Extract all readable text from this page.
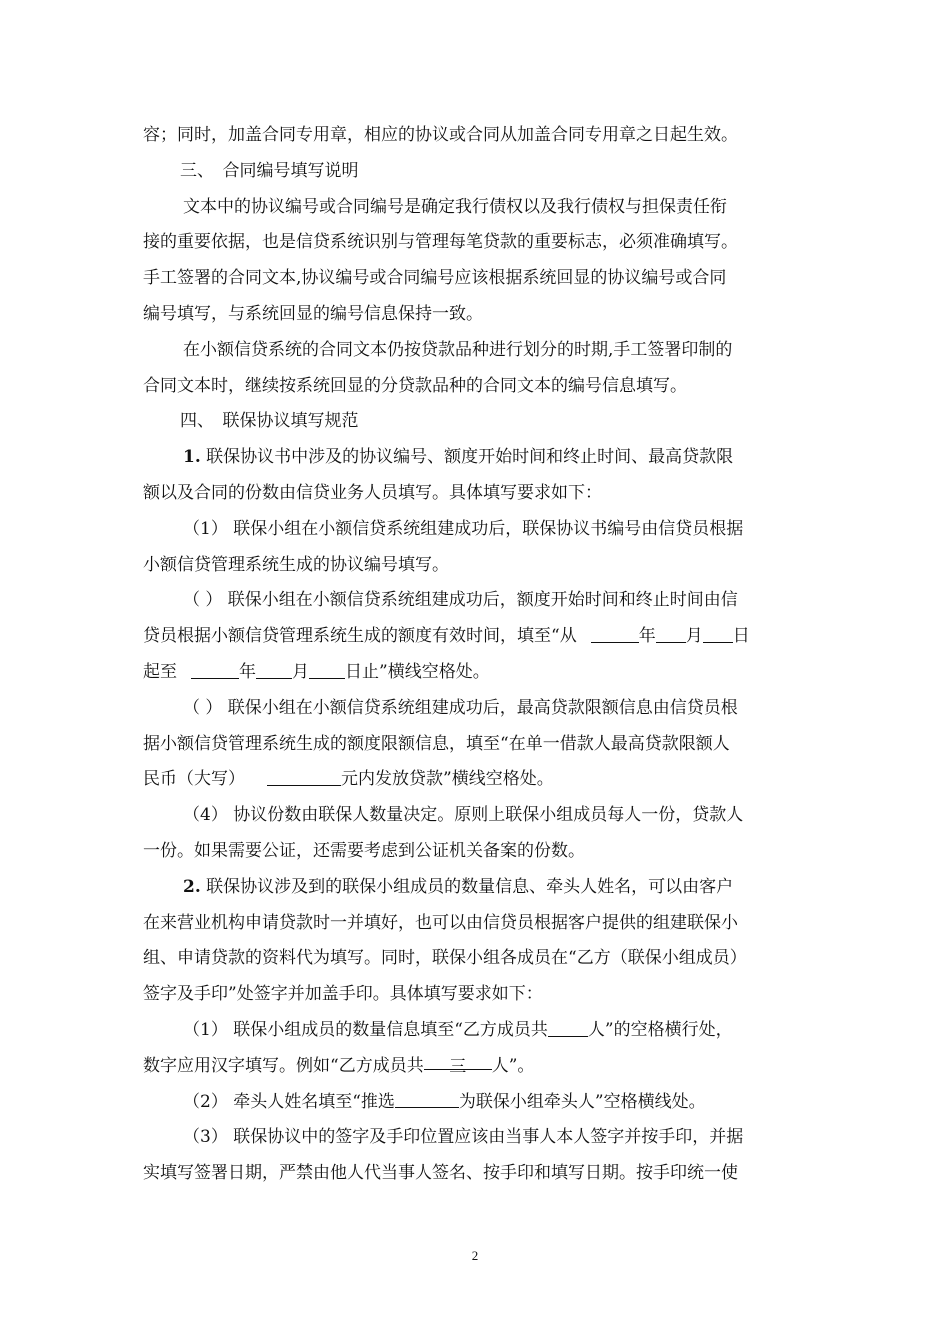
容；同时，加盖合同专用章，相应的协议或合同从加盖合同专用章之日起生效。
三、　合同编号填写说明
文本中的协议编号或合同编号是确定我行债权以及我行债权与担保责任衔
接的重要依据，也是信贷系统识别与管理每笔贷款的重要标志，必须准确填写。
手工签署的合同文本,协议编号或合同编号应该根据系统回显的协议编号或合同
编号填写，与系统回显的编号信息保持一致。
在小额信贷系统的合同文本仍按贷款品种进行划分的时期,手工签署印制的
合同文本时，继续按系统回显的分贷款品种的合同文本的编号信息填写。
四、　联保协议填写规范
1. 联保协议书中涉及的协议编号、额度开始时间和终止时间、最高贷款限
额以及合同的份数由信贷业务人员填写。具体填写要求如下：
（1） 联保小组在小额信贷系统组建成功后，联保协议书编号由信贷员根据
小额信贷管理系统生成的协议编号填写。
（ ） 联保小组在小额信贷系统组建成功后，额度开始时间和终止时间由信
贷员根据小额信贷管理系统生成的额度有效时间，填至“从	年 月 日
起至	年 月 日止”横线空格处。
（ ） 联保小组在小额信贷系统组建成功后，最高贷款限额信息由信贷员根
据小额信贷管理系统生成的额度限额信息，填至“在单一借款人最高贷款限额人
民币（大写）	元内发放贷款”横线空格处。
（4） 协议份数由联保人数量决定。原则上联保小组成员每人一份，贷款人
一份。如果需要公证，还需要考虑到公证机关备案的份数。
2. 联保协议涉及到的联保小组成员的数量信息、牵头人姓名，可以由客户
在来营业机构申请贷款时一并填好，也可以由信贷员根据客户提供的组建联保小
组、申请贷款的资料代为填写。同时，联保小组各成员在“乙方（联保小组成员）
签字及手印”处签字并加盖手印。具体填写要求如下：
（1） 联保小组成员的数量信息填至“乙方成员共 人”的空格横行处，
数字应用汉字填写。例如“乙方成员共 三 人”。
（2） 牵头人姓名填至“推选	为联保小组牵头人”空格横线处。
（3） 联保协议中的签字及手印位置应该由当事人本人签字并按手印，并据
实填写签署日期，严禁由他人代当事人签名、按手印和填写日期。按手印统一使
2
